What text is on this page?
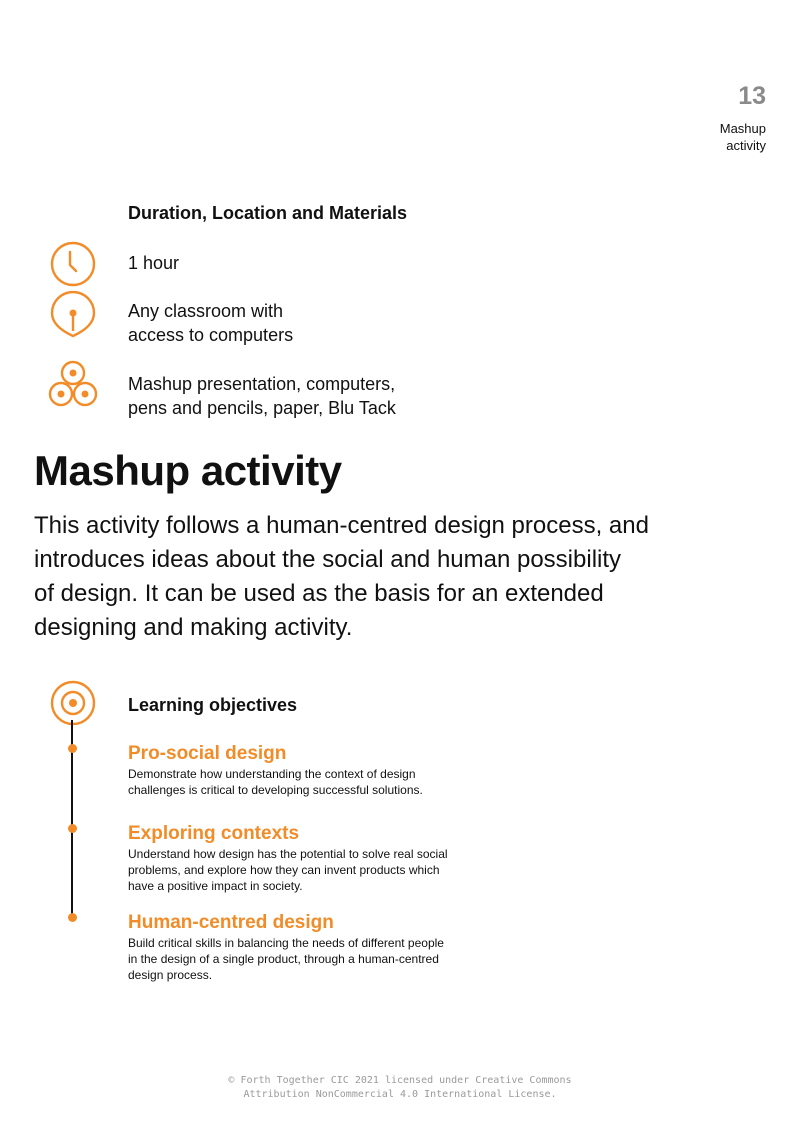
13
Mashup
activity
Duration, Location and Materials
1 hour
Any classroom with
access to computers
Mashup presentation, computers,
pens and pencils, paper, Blu Tack
Mashup activity
This activity follows a human-centred design process, and
introduces ideas about the social and human possibility
of design. It can be used as the basis for an extended
designing and making activity.
Learning objectives
Pro-social design
Demonstrate how understanding the context of design
challenges is critical to developing successful solutions.
Exploring contexts
Understand how design has the potential to solve real social
problems, and explore how they can invent products which
have a positive impact in society.
Human-centred design
Build critical skills in balancing the needs of different people
in the design of a single product, through a human-centred
design process.
© Forth Together CIC 2021 licensed under Creative Commons
Attribution NonCommercial 4.0 International License.
